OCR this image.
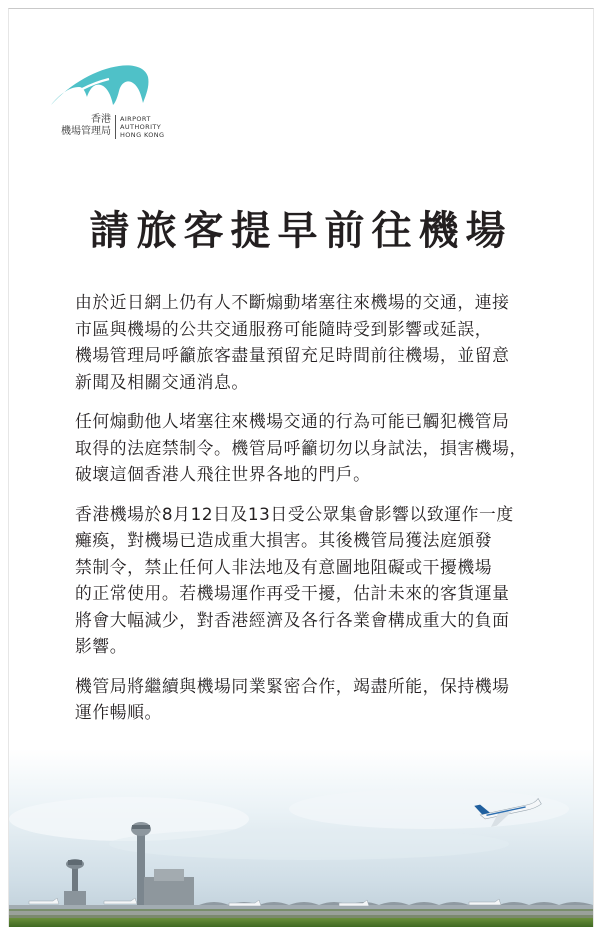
香港
機場管理局
AIRPORT
AUTHORITY
HONG KONG
請旅客提早前往機場

由於近日網上仍有人不斷煽動堵塞往來機場的交通，連接
市區與機場的公共交通服務可能隨時受到影響或延誤，
機場管理局呼籲旅客盡量預留充足時間前往機場，並留意
新聞及相關交通消息。

任何煽動他人堵塞往來機場交通的行為可能已觸犯機管局
取得的法庭禁制令。機管局呼籲切勿以身試法，損害機場，
破壞這個香港人飛往世界各地的門戶。

香港機場於8月12日及13日受公眾集會影響以致運作一度
癱瘓，對機場已造成重大損害。其後機管局獲法庭頒發
禁制令，禁止任何人非法地及有意圖地阻礙或干擾機場
的正常使用。若機場運作再受干擾，估計未來的客貨運量
將會大幅減少，對香港經濟及各行各業會構成重大的負面
影響。

機管局將繼續與機場同業緊密合作，竭盡所能，保持機場
運作暢順。
